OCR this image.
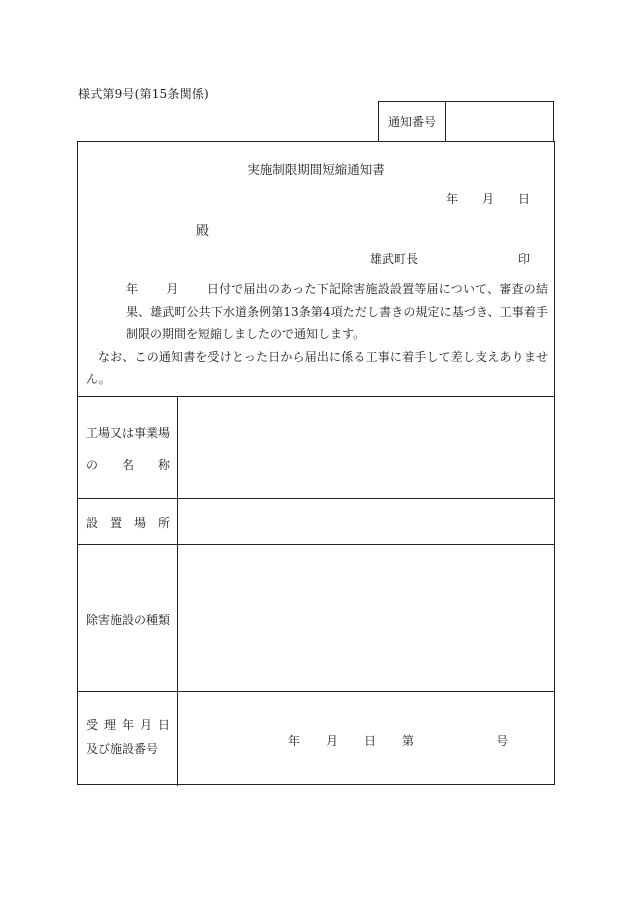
様式第9号(第15条関係)
通知番号
実施制限期間短縮通知書
年 月 日
殿
雄武町長	印

年 月 日付で届出のあった下記除害施設設置等届について、審査の結果、雄武町公共下水道条例第13条第4項ただし書きの規定に基づき、工事着手制限の期間を短縮しましたので通知します。

なお、この通知書を受けとった日から届出に係る工事に着手して差し支えありません。

工場又は事業場
の 名 称
設 置 場 所
除害施設の種類
受 理 年 月 日
及び施設番号
年 月 日 第	号
